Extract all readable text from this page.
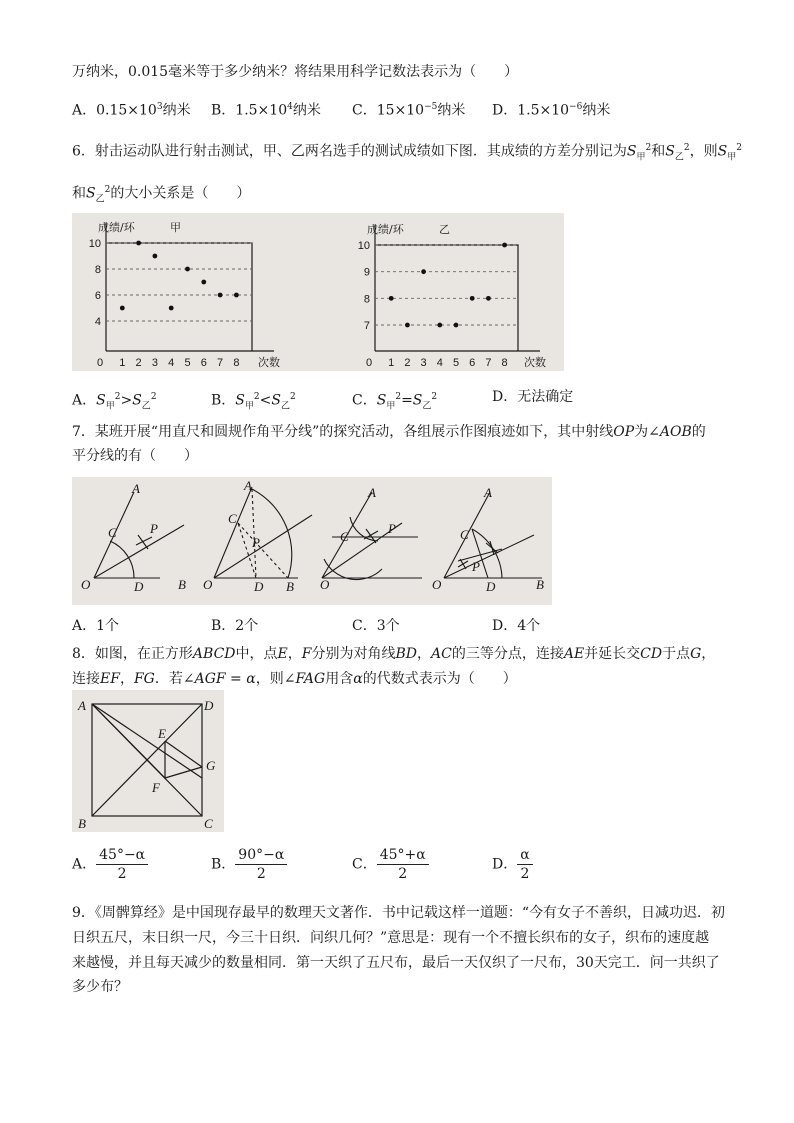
万纳米，0.015毫米等于多少纳米？将结果用科学记数法表示为（　　）
A．$0.15\times 10^3$纳米 B．$1.5\times 10^4$纳米 C．$15\times 10^{-5}$纳米 D．$1.5\times 10^{-6}$纳米
6．射击运动队进行射击测试，甲、乙两名选手的测试成绩如下图．其成绩的方差分别记为$S_甲^2$和$S_乙^2$，则$S_甲^2$
和$S_乙^2$的大小关系是（　　）
4
6
8
10
1 2 3 4 5 6 7 8
0	次数
成绩/环	甲
7
8
9
10
1 2 3 4 5 6 7 8
0	次数
成绩/环	乙
A．$S_甲^2>S_乙^2$	B．$S_甲^2<S_乙^2$	C．$S_甲^2=S_乙^2$	D．无法确定
7．某班开展“用直尺和圆规作角平分线”的探究活动，各组展示作图痕迹如下，其中射线OP为∠AOB的
平分线的有（　　）
O
A
B
C
D
P
O
A
B
C
D
P
O
A
C
P
O
A
B
C
D
P
A．1个	B．2个	C．3个	D．4个
8．如图，在正方形ABCD中，点E，F分别为对角线BD，AC的三等分点，连接AE并延长交CD于点G，
连接EF，FG．若∠AGF = α，则∠FAG用含α的代数式表示为（　　）
A	D
B	C
E
F
G
A． $\frac{45^\circ-\alpha}{2}$	B． $\frac{90^\circ-\alpha}{2}$	C． $\frac{45^\circ+\alpha}{2}$	D． $\frac{\alpha}{2}$
9．《周髀算经》是中国现存最早的数理天文著作．书中记载这样一道题：“今有女子不善织，日减功迟．初
日织五尺，末日织一尺，今三十日织．问织几何？”意思是：现有一个不擅长织布的女子，织布的速度越
来越慢，并且每天减少的数量相同．第一天织了五尺布，最后一天仅织了一尺布，30天完工．问一共织了
多少布？
